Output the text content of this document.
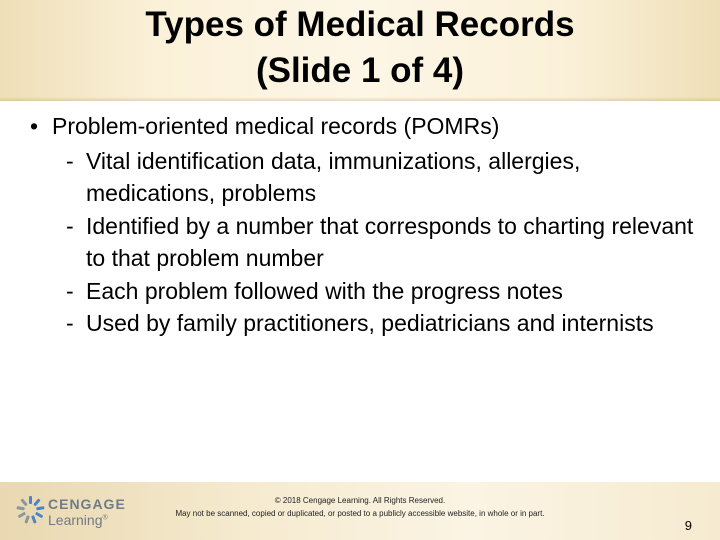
Types of Medical Records
(Slide 1 of 4)
• Problem-oriented medical records (POMRs)
- Vital identification data, immunizations, allergies, medications, problems
- Identified by a number that corresponds to charting relevant to that problem number
- Each problem followed with the progress notes
- Used by family practitioners, pediatricians and internists
CENGAGE
Learning®
© 2018 Cengage Learning. All Rights Reserved.
May not be scanned, copied or duplicated, or posted to a publicly accessible website, in whole or in part.
9
